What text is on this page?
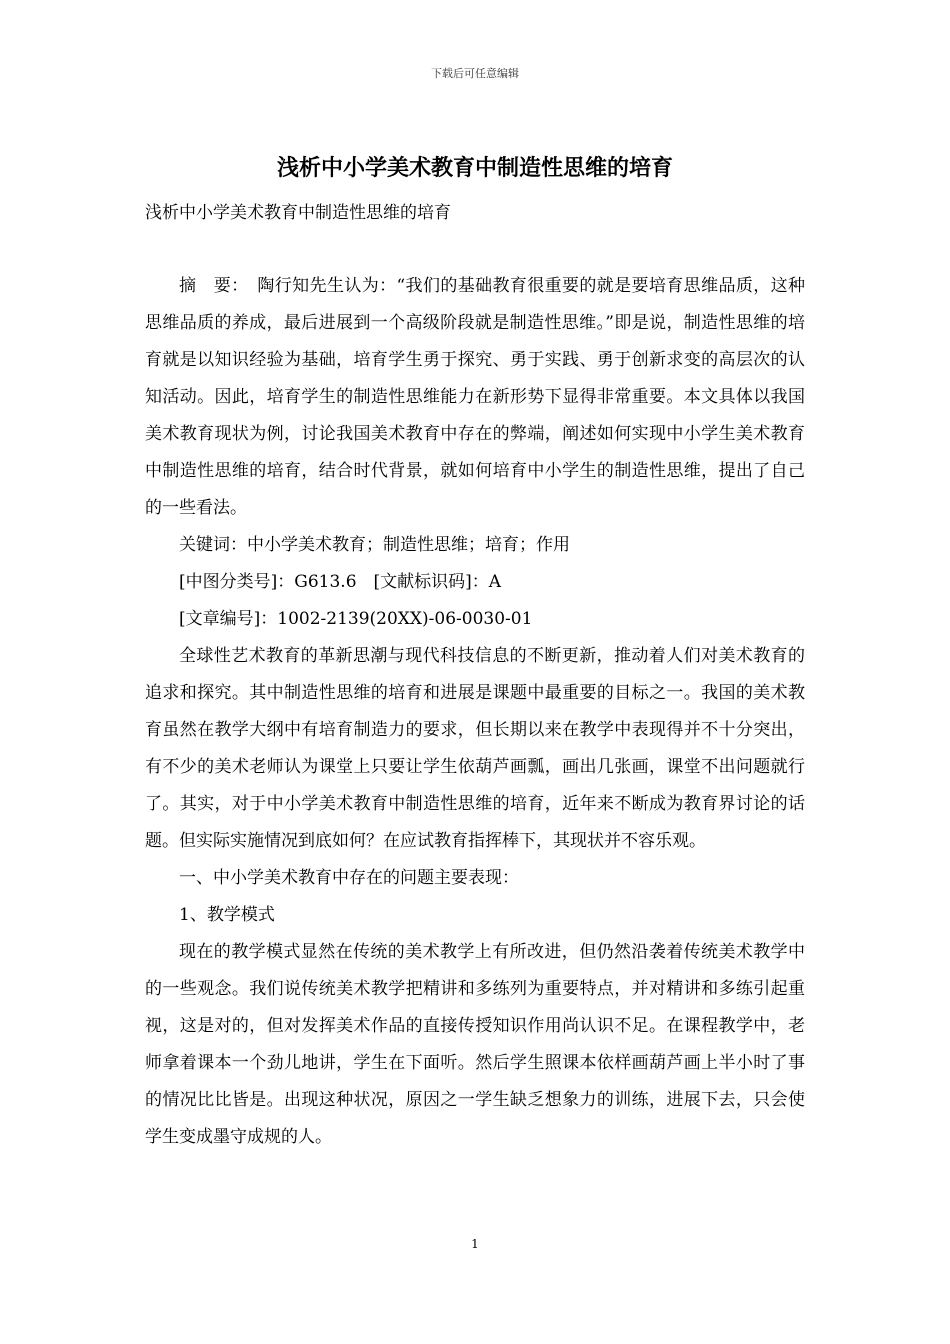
下载后可任意编辑
浅析中小学美术教育中制造性思维的培育
浅析中小学美术教育中制造性思维的培育

摘　要：　陶行知先生认为：“我们的基础教育很重要的就是要培育思维品质，这种思维品质的养成，最后进展到一个高级阶段就是制造性思维。”即是说，制造性思维的培育就是以知识经验为基础，培育学生勇于探究、勇于实践、勇于创新求变的高层次的认知活动。因此，培育学生的制造性思维能力在新形势下显得非常重要。本文具体以我国美术教育现状为例，讨论我国美术教育中存在的弊端，阐述如何实现中小学生美术教育中制造性思维的培育，结合时代背景，就如何培育中小学生的制造性思维，提出了自己的一些看法。

关键词：中小学美术教育；制造性思维；培育；作用

[中图分类号]：G613.6　[文献标识码]：A

[文章编号]：1002-2139(20XX)-06-0030-01

全球性艺术教育的革新思潮与现代科技信息的不断更新，推动着人们对美术教育的追求和探究。其中制造性思维的培育和进展是课题中最重要的目标之一。我国的美术教育虽然在教学大纲中有培育制造力的要求，但长期以来在教学中表现得并不十分突出，有不少的美术老师认为课堂上只要让学生依葫芦画瓢，画出几张画，课堂不出问题就行了。其实，对于中小学美术教育中制造性思维的培育，近年来不断成为教育界讨论的话题。但实际实施情况到底如何？在应试教育指挥棒下，其现状并不容乐观。

一、中小学美术教育中存在的问题主要表现：

1、教学模式

现在的教学模式显然在传统的美术教学上有所改进，但仍然沿袭着传统美术教学中的一些观念。我们说传统美术教学把精讲和多练列为重要特点，并对精讲和多练引起重视，这是对的，但对发挥美术作品的直接传授知识作用尚认识不足。在课程教学中，老师拿着课本一个劲儿地讲，学生在下面听。然后学生照课本依样画葫芦画上半小时了事的情况比比皆是。出现这种状况，原因之一学生缺乏想象力的训练，进展下去，只会使学生变成墨守成规的人。

1
